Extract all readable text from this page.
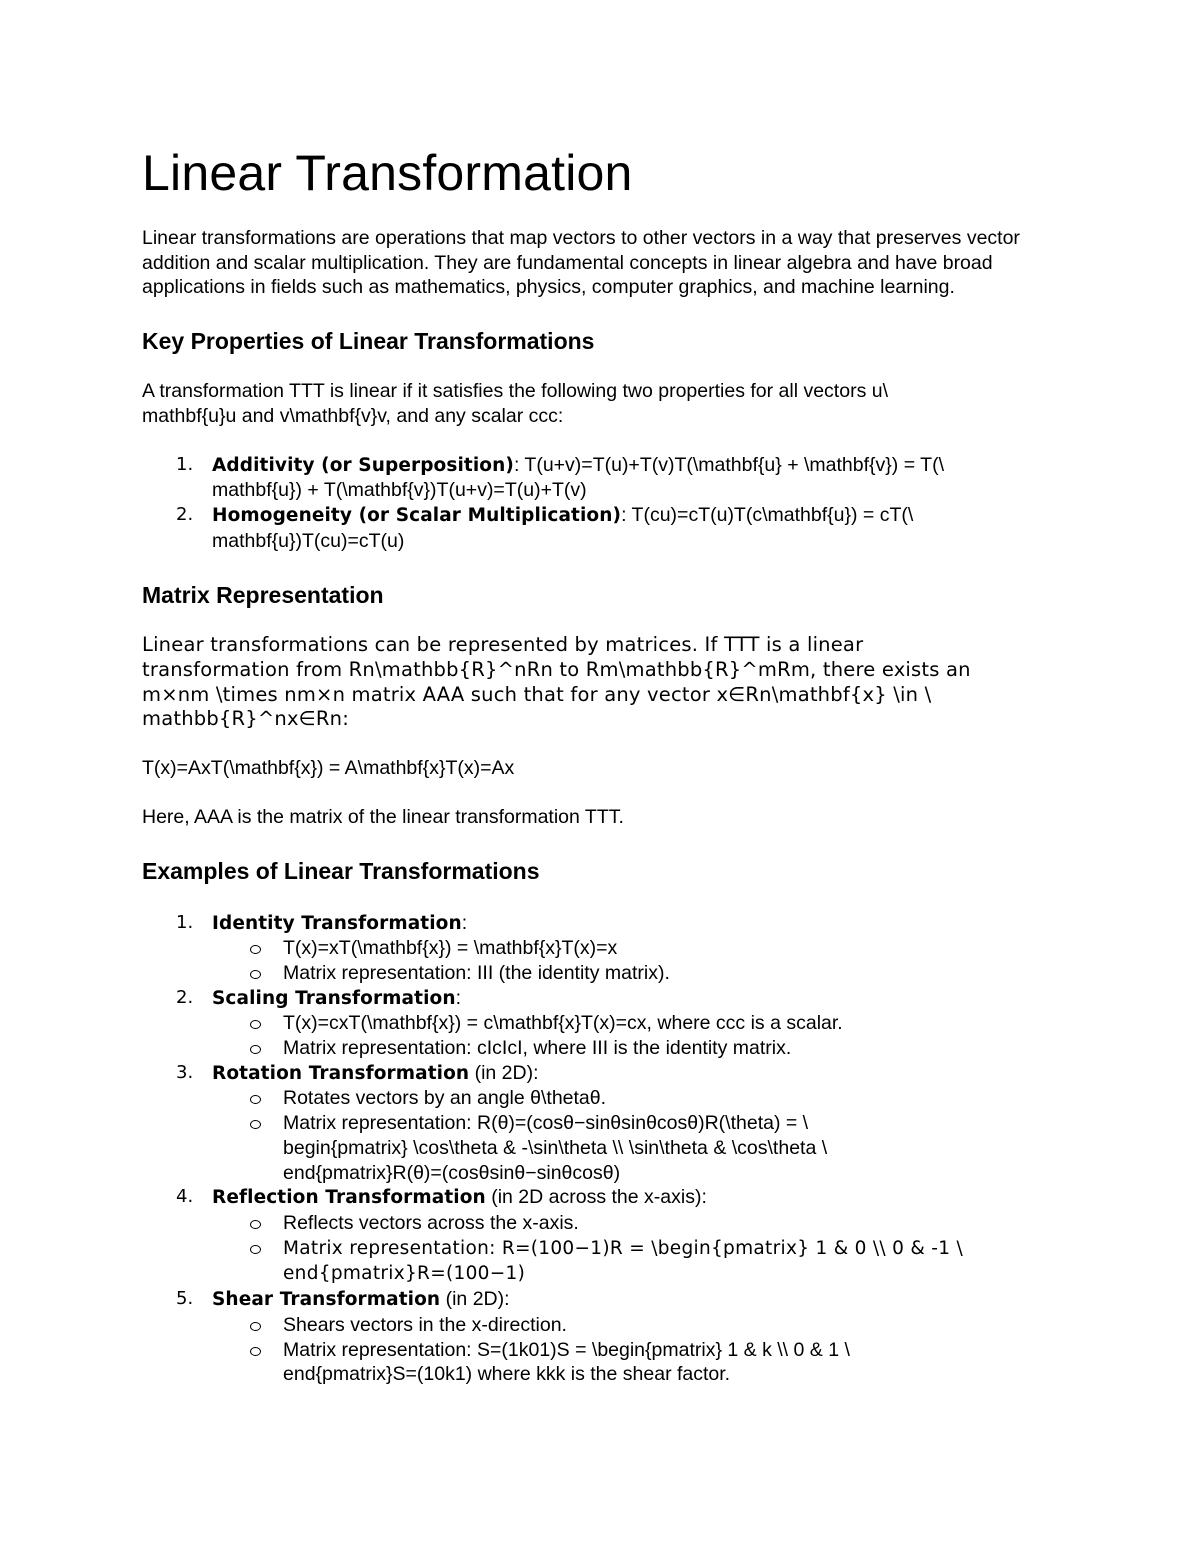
Linear Transformation

Linear transformations are operations that map vectors to other vectors in a way that preserves vector addition and scalar multiplication. They are fundamental concepts in linear algebra and have broad applications in fields such as mathematics, physics, computer graphics, and machine learning.

Key Properties of Linear Transformations

A transformation TTT is linear if it satisfies the following two properties for all vectors u\
mathbf{u}u and v\mathbf{v}v, and any scalar ccc:

1. Additivity (or Superposition): T(u+v)=T(u)+T(v)T(\mathbf{u} + \mathbf{v}) = T(\
mathbf{u}) + T(\mathbf{v})T(u+v)=T(u)+T(v)
2. Homogeneity (or Scalar Multiplication): T(cu)=cT(u)T(c\mathbf{u}) = cT(\
mathbf{u})T(cu)=cT(u)
Matrix Representation

Linear transformations can be represented by matrices. If TTT is a linear
transformation from Rn\mathbb{R}^nRn to Rm\mathbb{R}^mRm, there exists an
m×nm \times nm×n matrix AAA such that for any vector x∈Rn\mathbf{x} \in \
mathbb{R}^nx∈Rn:

T(x)=AxT(\mathbf{x}) = A\mathbf{x}T(x)=Ax

Here, AAA is the matrix of the linear transformation TTT.

Examples of Linear Transformations
1. Identity Transformation:
T(x)=xT(\mathbf{x}) = \mathbf{x}T(x)=x
Matrix representation: III (the identity matrix).
2. Scaling Transformation:
T(x)=cxT(\mathbf{x}) = c\mathbf{x}T(x)=cx, where ccc is a scalar.
Matrix representation: cIcIcI, where III is the identity matrix.
3. Rotation Transformation (in 2D):
Rotates vectors by an angle θ\thetaθ.
Matrix representation: R(θ)=(cosθ−sinθsinθcosθ)R(\theta) = \
begin{pmatrix} \cos\theta & -\sin\theta \\ \sin\theta & \cos\theta \
end{pmatrix}R(θ)=(cosθsinθ−sinθcosθ)
4. Reflection Transformation (in 2D across the x-axis):
Reflects vectors across the x-axis.
Matrix representation: R=(100−1)R = \begin{pmatrix} 1 & 0 \\ 0 & -1 \
end{pmatrix}R=(100−1)
5. Shear Transformation (in 2D):
Shears vectors in the x-direction.
Matrix representation: S=(1k01)S = \begin{pmatrix} 1 & k \\ 0 & 1 \
end{pmatrix}S=(10k1) where kkk is the shear factor.
